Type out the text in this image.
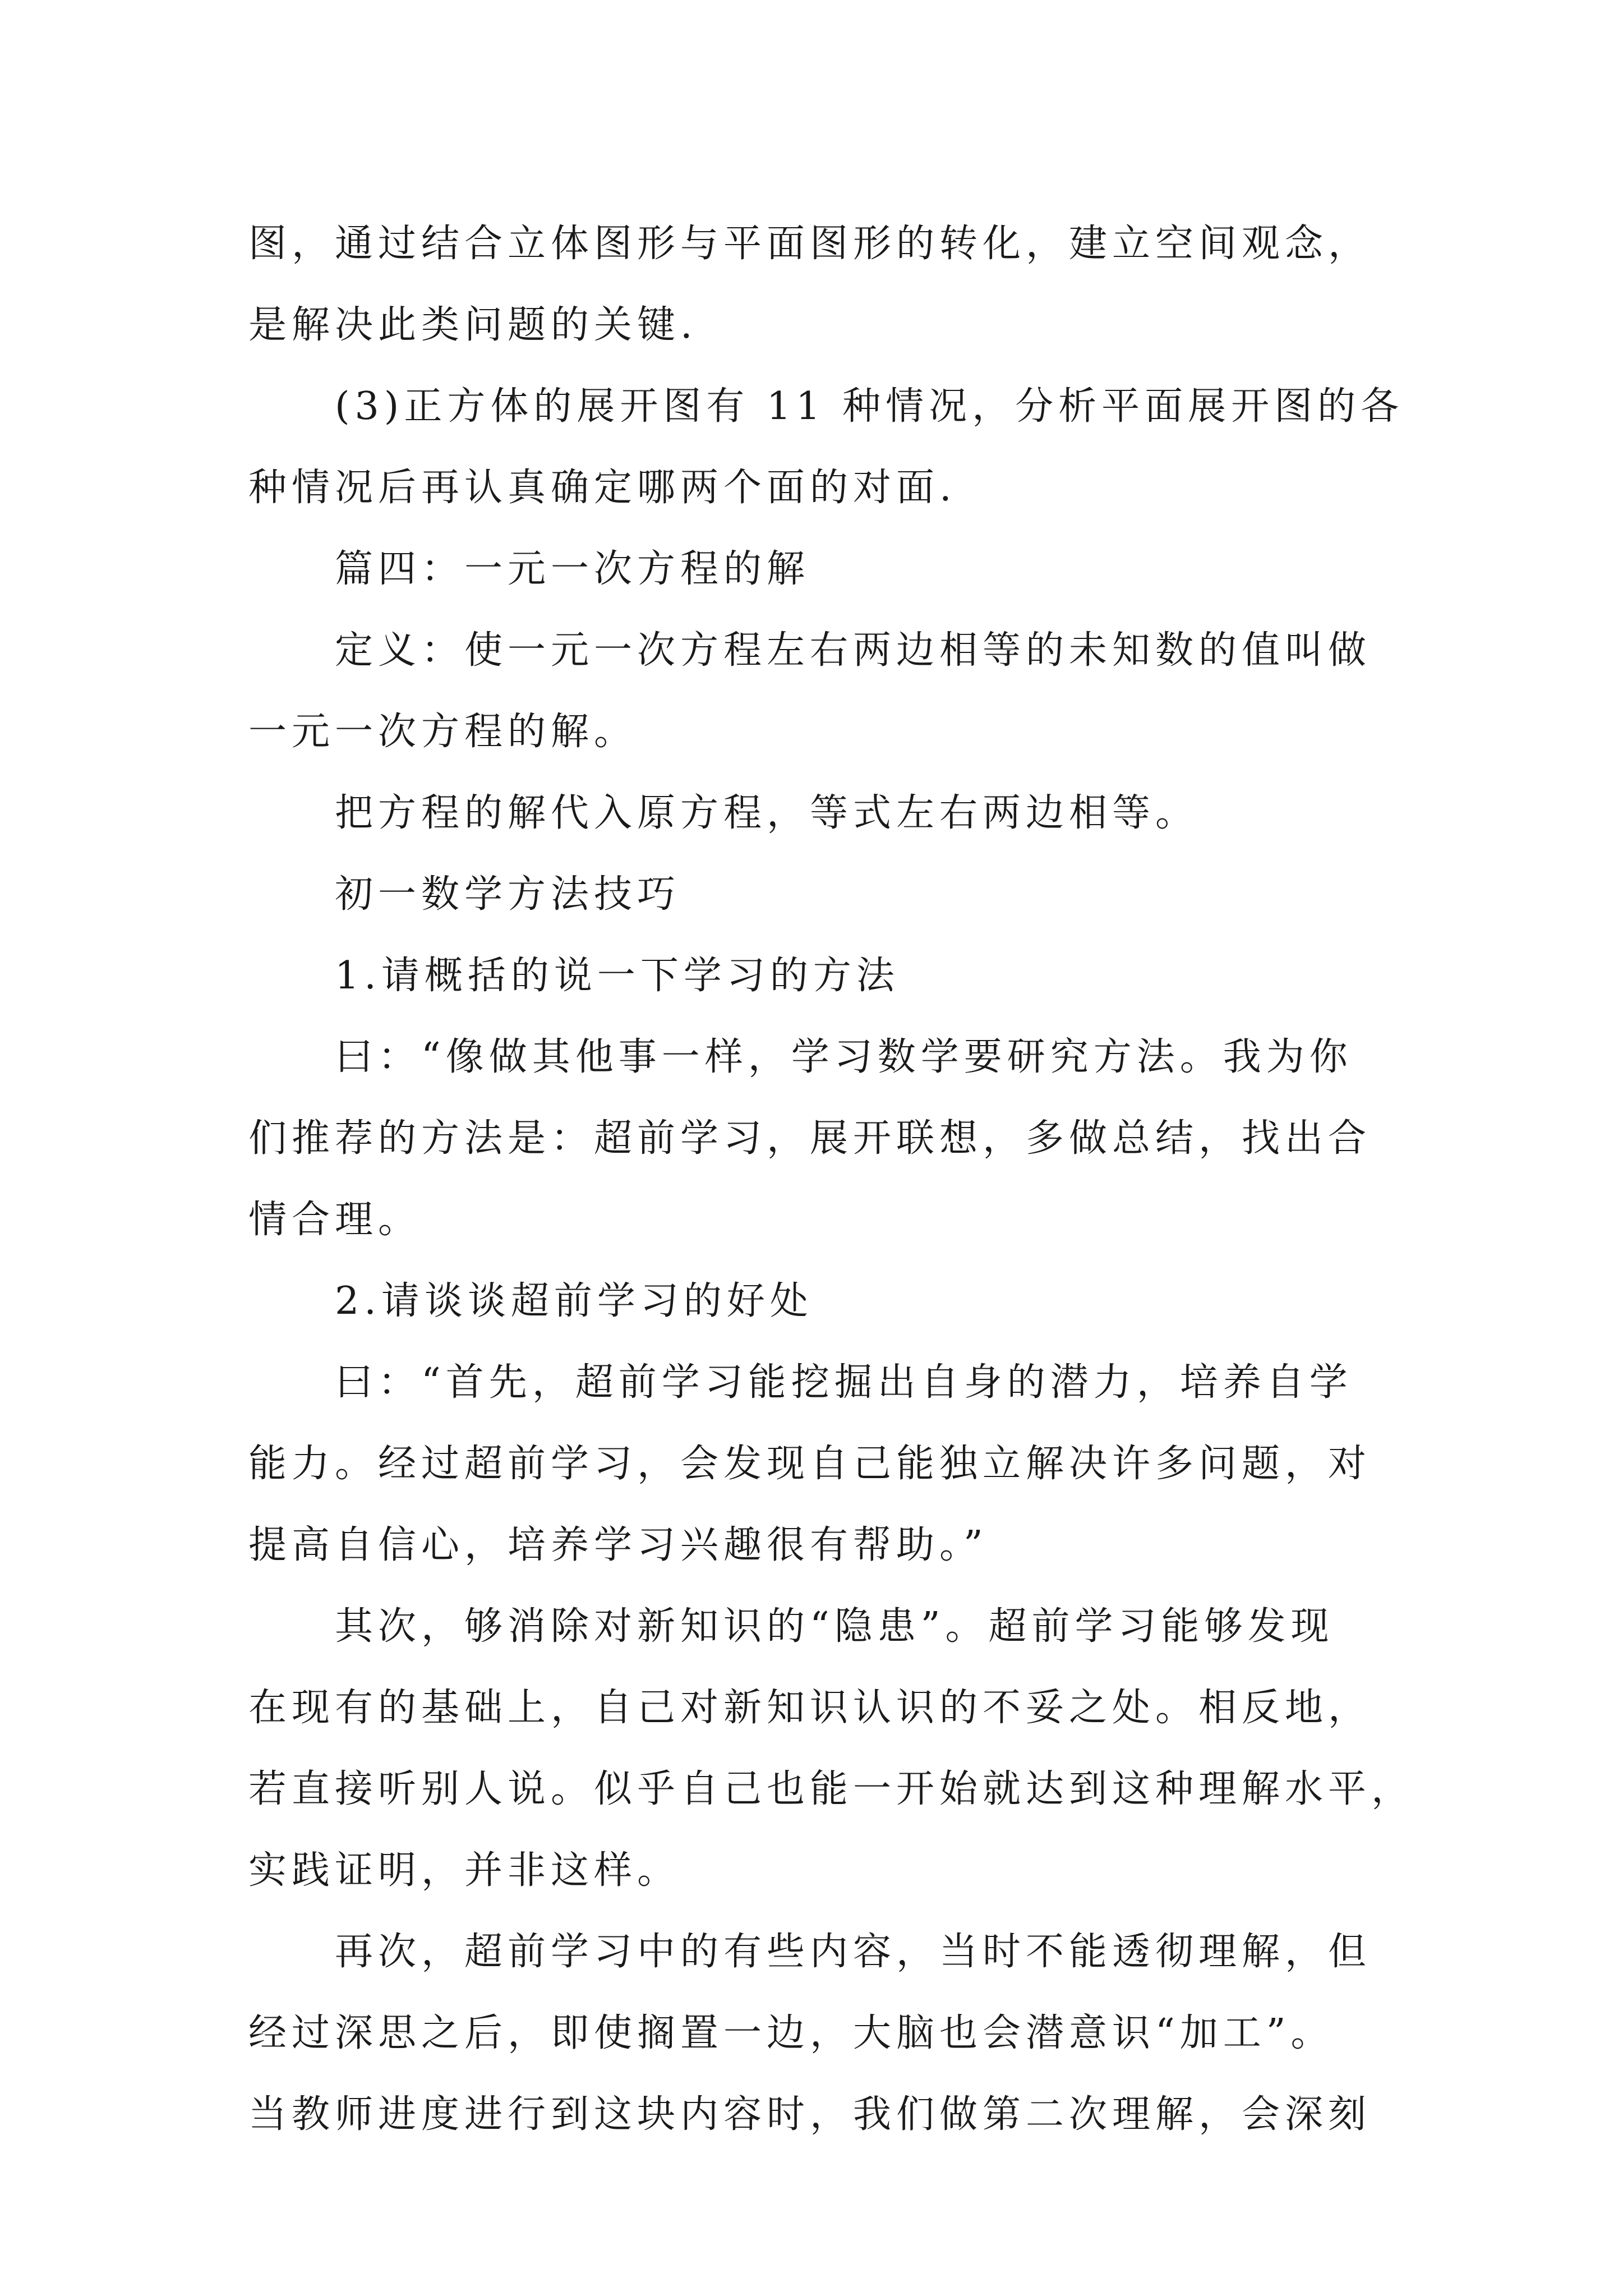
图，通过结合立体图形与平面图形的转化，建立空间观念，
是解决此类问题的关键.
(3)正方体的展开图有 11 种情况，分析平面展开图的各
种情况后再认真确定哪两个面的对面.
篇四：一元一次方程的解
定义：使一元一次方程左右两边相等的未知数的值叫做
一元一次方程的解。
把方程的解代入原方程，等式左右两边相等。
初一数学方法技巧
1.请概括的说一下学习的方法
曰：“像做其他事一样，学习数学要研究方法。我为你
们推荐的方法是：超前学习，展开联想，多做总结，找出合
情合理。
2.请谈谈超前学习的好处
曰：“首先，超前学习能挖掘出自身的潜力，培养自学
能力。经过超前学习，会发现自己能独立解决许多问题，对
提高自信心，培养学习兴趣很有帮助。”
其次，够消除对新知识的“隐患”。超前学习能够发现
在现有的基础上，自己对新知识认识的不妥之处。相反地，
若直接听别人说。似乎自己也能一开始就达到这种理解水平，
实践证明，并非这样。
再次，超前学习中的有些内容，当时不能透彻理解，但
经过深思之后，即使搁置一边，大脑也会潜意识“加工”。
当教师进度进行到这块内容时，我们做第二次理解，会深刻
